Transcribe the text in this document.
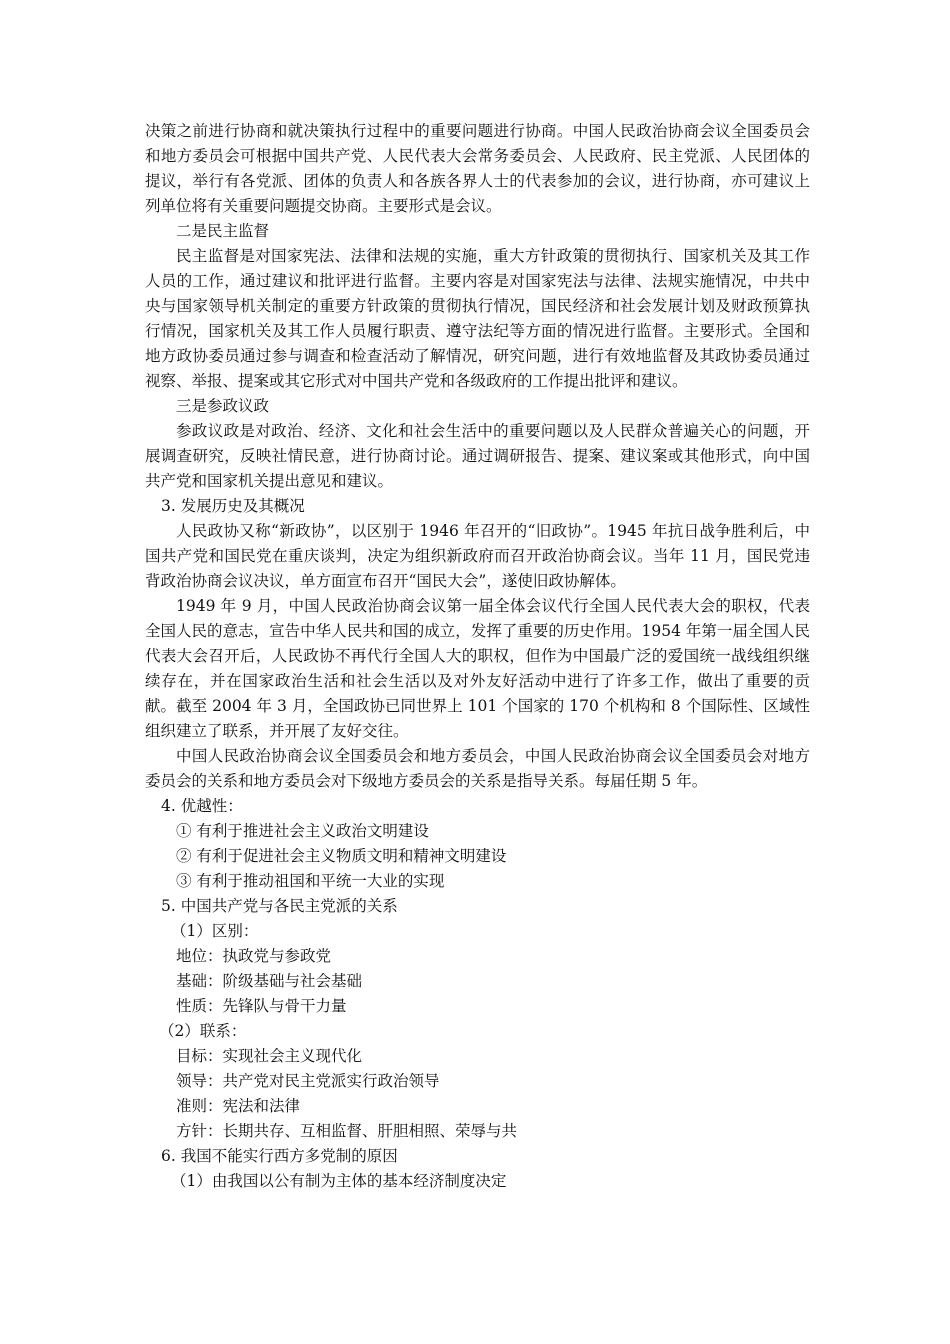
决策之前进行协商和就决策执行过程中的重要问题进行协商。中国人民政治协商会议全国委员会和地方委员会可根据中国共产党、人民代表大会常务委员会、人民政府、民主党派、人民团体的提议，举行有各党派、团体的负责人和各族各界人士的代表参加的会议，进行协商，亦可建议上列单位将有关重要问题提交协商。主要形式是会议。

二是民主监督

民主监督是对国家宪法、法律和法规的实施，重大方针政策的贯彻执行、国家机关及其工作人员的工作，通过建议和批评进行监督。主要内容是对国家宪法与法律、法规实施情况，中共中央与国家领导机关制定的重要方针政策的贯彻执行情况，国民经济和社会发展计划及财政预算执行情况，国家机关及其工作人员履行职责、遵守法纪等方面的情况进行监督。主要形式。全国和地方政协委员通过参与调查和检查活动了解情况，研究问题，进行有效地监督及其政协委员通过视察、举报、提案或其它形式对中国共产党和各级政府的工作提出批评和建议。

三是参政议政

参政议政是对政治、经济、文化和社会生活中的重要问题以及人民群众普遍关心的问题，开展调查研究，反映社情民意，进行协商讨论。通过调研报告、提案、建议案或其他形式，向中国共产党和国家机关提出意见和建议。

3. 发展历史及其概况

人民政协又称“新政协”，以区别于 1946 年召开的“旧政协”。1945 年抗日战争胜利后，中国共产党和国民党在重庆谈判，决定为组织新政府而召开政治协商会议。当年 11 月，国民党违背政治协商会议决议，单方面宣布召开“国民大会”，遂使旧政协解体。

1949 年 9 月，中国人民政治协商会议第一届全体会议代行全国人民代表大会的职权，代表全国人民的意志，宣告中华人民共和国的成立，发挥了重要的历史作用。1954 年第一届全国人民代表大会召开后，人民政协不再代行全国人大的职权，但作为中国最广泛的爱国统一战线组织继续存在，并在国家政治生活和社会生活以及对外友好活动中进行了许多工作，做出了重要的贡献。截至 2004 年 3 月，全国政协已同世界上 101 个国家的 170 个机构和 8 个国际性、区域性组织建立了联系，并开展了友好交往。

中国人民政治协商会议全国委员会和地方委员会，中国人民政治协商会议全国委员会对地方委员会的关系和地方委员会对下级地方委员会的关系是指导关系。每届任期 5 年。

4. 优越性：

① 有利于推进社会主义政治文明建设

② 有利于促进社会主义物质文明和精神文明建设

③ 有利于推动祖国和平统一大业的实现

5. 中国共产党与各民主党派的关系

（1）区别：

地位：执政党与参政党

基础：阶级基础与社会基础

性质：先锋队与骨干力量

（2）联系：

目标：实现社会主义现代化

领导：共产党对民主党派实行政治领导

准则：宪法和法律

方针：长期共存、互相监督、肝胆相照、荣辱与共

6. 我国不能实行西方多党制的原因

（1）由我国以公有制为主体的基本经济制度决定
